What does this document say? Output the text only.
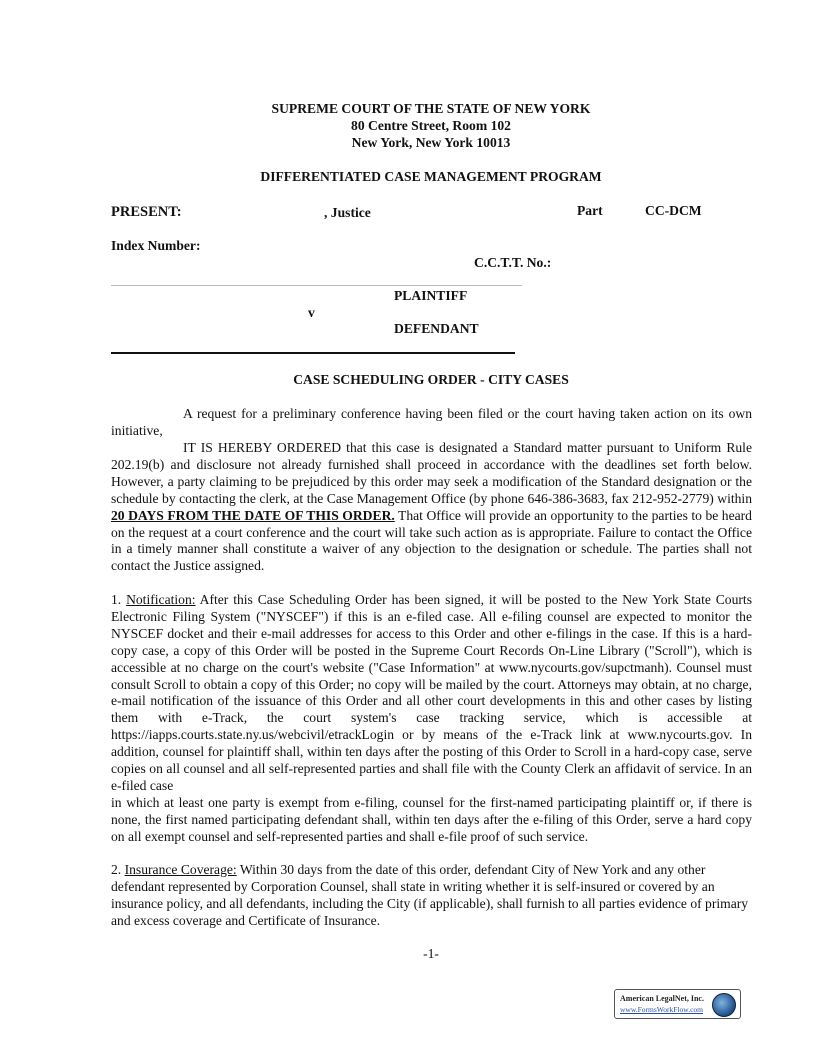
SUPREME COURT OF THE STATE OF NEW YORK
80 Centre Street, Room 102
New York, New York 10013
DIFFERENTIATED CASE MANAGEMENT PROGRAM
PRESENT:	, Justice	Part	CC-DCM
Index Number:
C.C.T.T. No.:
PLAINTIFF
v
DEFENDANT
CASE SCHEDULING ORDER - CITY CASES
A request for a preliminary conference having been filed or the court having taken action on its own initiative,
IT IS HEREBY ORDERED that this case is designated a Standard matter pursuant to Uniform Rule 202.19(b) and disclosure not already furnished shall proceed in accordance with the deadlines set forth below. However, a party claiming to be prejudiced by this order may seek a modification of the Standard designation or the schedule by contacting the clerk, at the Case Management Office (by phone 646-386-3683, fax 212-952-2779) within 20 DAYS FROM THE DATE OF THIS ORDER. That Office will provide an opportunity to the parties to be heard on the request at a court conference and the court will take such action as is appropriate. Failure to contact the Office in a timely manner shall constitute a waiver of any objection to the designation or schedule. The parties shall not contact the Justice assigned.
1. Notification: After this Case Scheduling Order has been signed, it will be posted to the New York State Courts Electronic Filing System ("NYSCEF") if this is an e-filed case. All e-filing counsel are expected to monitor the NYSCEF docket and their e-mail addresses for access to this Order and other e-filings in the case. If this is a hard-copy case, a copy of this Order will be posted in the Supreme Court Records On-Line Library ("Scroll"), which is accessible at no charge on the court's website ("Case Information" at www.nycourts.gov/supctmanh). Counsel must consult Scroll to obtain a copy of this Order; no copy will be mailed by the court. Attorneys may obtain, at no charge, e-mail notification of the issuance of this Order and all other court developments in this and other cases by listing them with e-Track, the court system's case tracking service, which is accessible at https://iapps.courts.state.ny.us/webcivil/etrackLogin or by means of the e-Track link at www.nycourts.gov. In addition, counsel for plaintiff shall, within ten days after the posting of this Order to Scroll in a hard-copy case, serve copies on all counsel and all self-represented parties and shall file with the County Clerk an affidavit of service. In an e-filed case
in which at least one party is exempt from e-filing, counsel for the first-named participating plaintiff or, if there is none, the first named participating defendant shall, within ten days after the e-filing of this Order, serve a hard copy on all exempt counsel and self-represented parties and shall e-file proof of such service.
2. Insurance Coverage: Within 30 days from the date of this order, defendant City of New York and any other defendant represented by Corporation Counsel, shall state in writing whether it is self-insured or covered by an insurance policy, and all defendants, including the City (if applicable), shall furnish to all parties evidence of primary and excess coverage and Certificate of Insurance.
-1-
American LegalNet, Inc.
www.FormsWorkFlow.com
